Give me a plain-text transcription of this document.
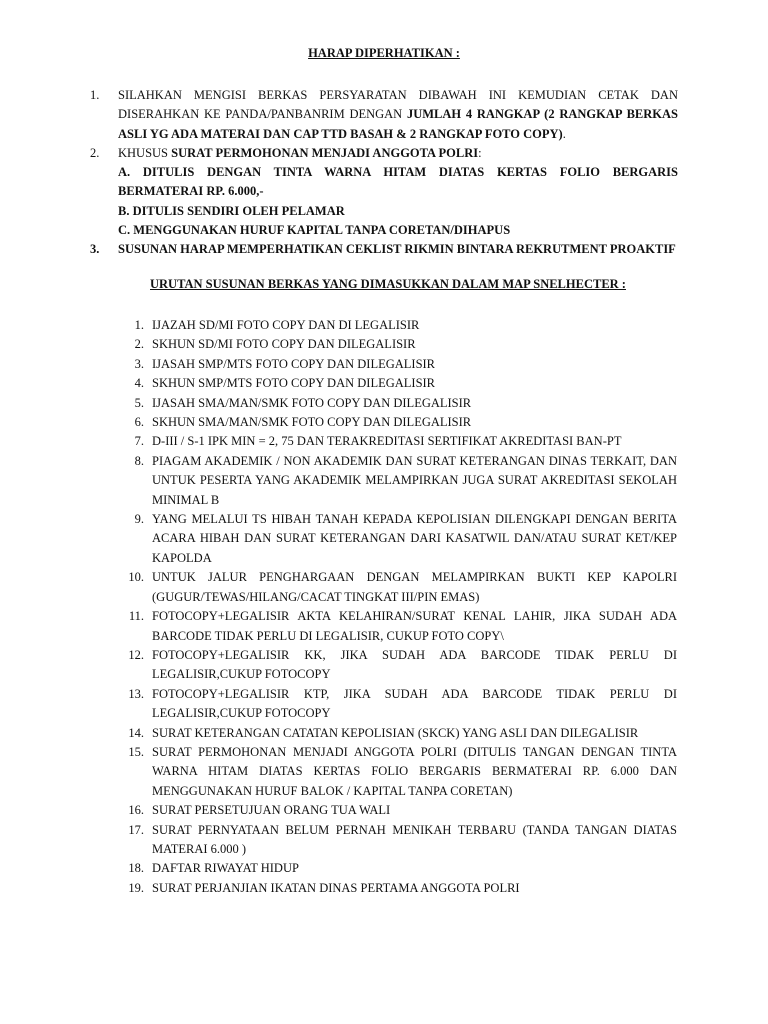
HARAP DIPERHATIKAN :
1. SILAHKAN MENGISI BERKAS PERSYARATAN DIBAWAH INI KEMUDIAN CETAK DAN DISERAHKAN KE PANDA/PANBANRIM DENGAN JUMLAH 4 RANGKAP (2 RANGKAP BERKAS ASLI YG ADA MATERAI DAN CAP TTD BASAH & 2 RANGKAP FOTO COPY).
2. KHUSUS SURAT PERMOHONAN MENJADI ANGGOTA POLRI:
A. DITULIS DENGAN TINTA WARNA HITAM DIATAS KERTAS FOLIO BERGARIS BERMATERAI RP. 6.000,-
B. DITULIS SENDIRI OLEH PELAMAR
C. MENGGUNAKAN HURUF KAPITAL TANPA CORETAN/DIHAPUS
3. SUSUNAN HARAP MEMPERHATIKAN CEKLIST RIKMIN BINTARA REKRUTMENT PROAKTIF
URUTAN SUSUNAN BERKAS YANG DIMASUKKAN DALAM MAP SNELHECTER :
1. IJAZAH SD/MI FOTO COPY DAN DI LEGALISIR
2. SKHUN SD/MI FOTO COPY DAN DILEGALISIR
3. IJASAH SMP/MTS FOTO COPY DAN DILEGALISIR
4. SKHUN SMP/MTS FOTO COPY DAN DILEGALISIR
5. IJASAH SMA/MAN/SMK FOTO COPY DAN DILEGALISIR
6. SKHUN SMA/MAN/SMK FOTO COPY DAN DILEGALISIR
7. D-III / S-1 IPK MIN = 2, 75 DAN TERAKREDITASI SERTIFIKAT AKREDITASI BAN-PT
8. PIAGAM AKADEMIK / NON AKADEMIK DAN SURAT KETERANGAN DINAS TERKAIT, DAN UNTUK PESERTA YANG AKADEMIK MELAMPIRKAN JUGA SURAT AKREDITASI SEKOLAH MINIMAL B
9. YANG MELALUI TS HIBAH TANAH KEPADA KEPOLISIAN DILENGKAPI DENGAN BERITA ACARA HIBAH DAN SURAT KETERANGAN DARI KASATWIL DAN/ATAU SURAT KET/KEP KAPOLDA
10. UNTUK JALUR PENGHARGAAN DENGAN MELAMPIRKAN BUKTI KEP KAPOLRI (GUGUR/TEWAS/HILANG/CACAT TINGKAT III/PIN EMAS)
11. FOTOCOPY+LEGALISIR AKTA KELAHIRAN/SURAT KENAL LAHIR, JIKA SUDAH ADA BARCODE TIDAK PERLU DI LEGALISIR, CUKUP FOTO COPY\
12. FOTOCOPY+LEGALISIR KK, JIKA SUDAH ADA BARCODE TIDAK PERLU DI LEGALISIR,CUKUP FOTOCOPY
13. FOTOCOPY+LEGALISIR KTP, JIKA SUDAH ADA BARCODE TIDAK PERLU DI LEGALISIR,CUKUP FOTOCOPY
14. SURAT KETERANGAN CATATAN KEPOLISIAN (SKCK) YANG ASLI DAN DILEGALISIR
15. SURAT PERMOHONAN MENJADI ANGGOTA POLRI (DITULIS TANGAN DENGAN TINTA WARNA HITAM DIATAS KERTAS FOLIO BERGARIS BERMATERAI RP. 6.000 DAN MENGGUNAKAN HURUF BALOK / KAPITAL TANPA CORETAN)
16. SURAT PERSETUJUAN ORANG TUA WALI
17. SURAT PERNYATAAN BELUM PERNAH MENIKAH TERBARU (TANDA TANGAN DIATAS MATERAI 6.000 )
18. DAFTAR RIWAYAT HIDUP
19. SURAT PERJANJIAN IKATAN DINAS PERTAMA ANGGOTA POLRI
